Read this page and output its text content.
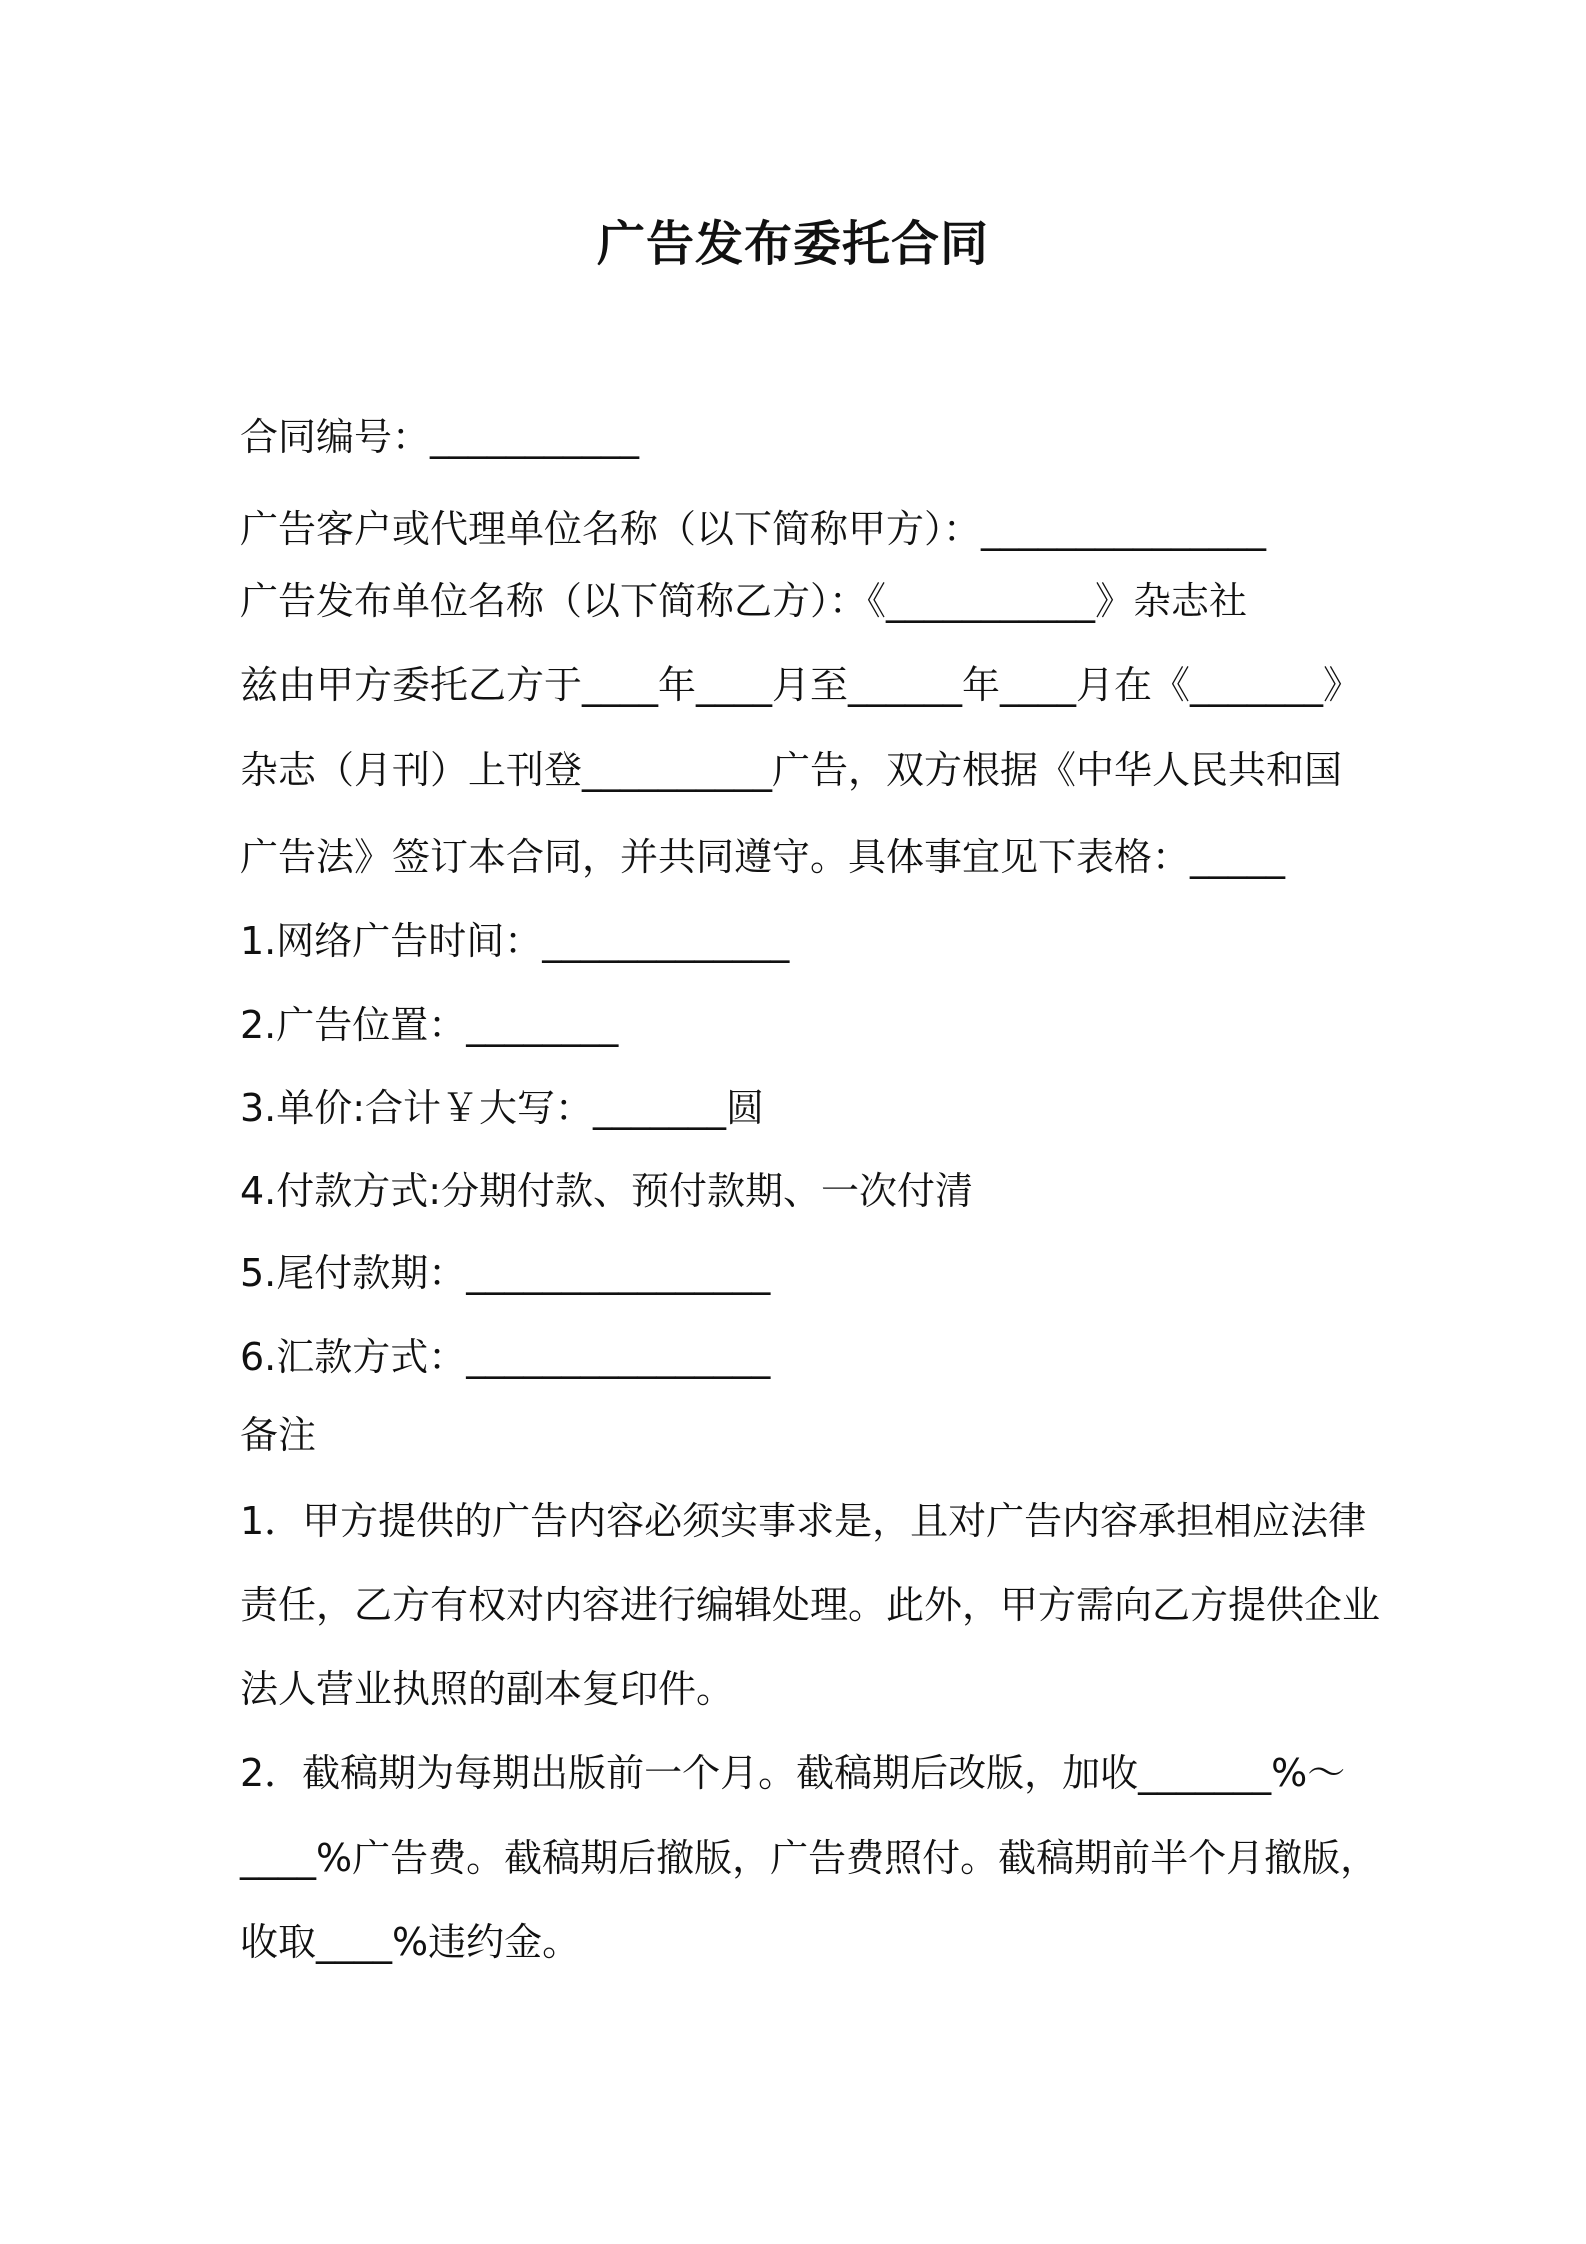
广告发布委托合同

合同编号：___________

广告客户或代理单位名称（以下简称甲方）：_______________

广告发布单位名称（以下简称乙方）：《___________》杂志社

兹由甲方委托乙方于____年____月至______年____月在《_______》

杂志（月刊）上刊登__________广告，双方根据《中华人民共和国

广告法》签订本合同，并共同遵守。具体事宜见下表格：_____

1.网络广告时间：_____________

2.广告位置：________

3.单价:合计￥大写：_______圆

4.付款方式:分期付款、预付款期、一次付清

5.尾付款期：________________

6.汇款方式：________________

备注

1．甲方提供的广告内容必须实事求是，且对广告内容承担相应法律

责任，乙方有权对内容进行编辑处理。此外，甲方需向乙方提供企业

法人营业执照的副本复印件。

2．截稿期为每期出版前一个月。截稿期后改版，加收_______%～

____%广告费。截稿期后撤版，广告费照付。截稿期前半个月撤版，

收取____%违约金。
